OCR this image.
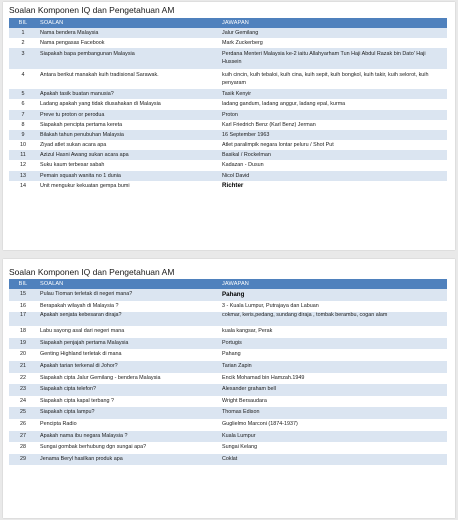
Soalan Komponen IQ dan Pengetahuan AM
BIL	SOALAN	JAWAPAN
1	Nama bendera Malaysia	Jalur Gemilang
2	Nama pengasas Facebook	Mark Zuckerberg
3	Siapakah bapa pembangunan Malaysia	Perdana Menteri Malaysia ke-2 iaitu Allahyarham Tun Haji Abdul Razak bin Dato' Haji Hussein
4	Antara berikut manakah kuih tradisional Sarawak.	kuih cincin, kuih tebaloi, kuih cina, kuih sepit, kuih bongkol, kuih takir, kuih selorot, kuih penyaram
5	Apakah tasik buatan manusia?	Tasik Kenyir
6	Ladang apakah yang tidak diusahakan di Malaysia	ladang gandum, ladang anggur, ladang epal, kurma
7	Preve tu proton or perodua	Proton
8	Siapakah pencipta pertama kereta	Karl Friedrich Benz (Karl Benz) Jerman
9	Bilakah tahun penubuhan Malaysia	16 September 1963
10	Ziyad atlet sukan acara apa	Atlet paralimpik negara lontar peluru / Shot Put
11	Azizul Hasni Awang sukan acara apa	Basikal / Rockelman
12	Suku kaum terbesar sabah	Kadazan - Dusun
13	Pemain squash wanita no 1 dunia	Nicol David
14	Unit mengukur kekuatan gempa bumi	Richter
Soalan Komponen IQ dan Pengetahuan AM
BIL	SOALAN	JAWAPAN
15	Pulau Tioman terletak di negeri mana?	Pahang
16	Berapakah wilayah di Malaysia ?	3 - Kuala Lumpur, Putrajaya dan Labuan
17	Apakah senjata kebesaran diraja?	cokmar, keris,pedang, sundang diraja , tombak berambu, cogan alam
18	Labu sayong asal dari negeri mana	kuala kangsar, Perak
19	Siapakah penjajah pertama Malaysia	Portugis
20	Genting Highland terletak di mana	Pahang
21	Apakah tarian terkenal di Johor?	Tarian Zapin
22	Siapakah cipta Jalur Gemilang - bendera Malaysia	Encik Mohamad bin Hamzah.1949
23	Siapakah cipta telefon?	Alexander graham bell
24	Siapakah cipta kapal terbang ?	Wright Bersaudara
25	Siapakah cipta lampu?	Thomas Edison
26	Pencipta Radio	Guglielmo Marconi (1874-1937)
27	Apakah nama ibu negara Malaysia ?	Kuala Lumpur
28	Sungai gombak berhubung dgn sungai apa?	Sungai Kelang
29	Jenama Beryl hasilkan produk apa	Coklat
